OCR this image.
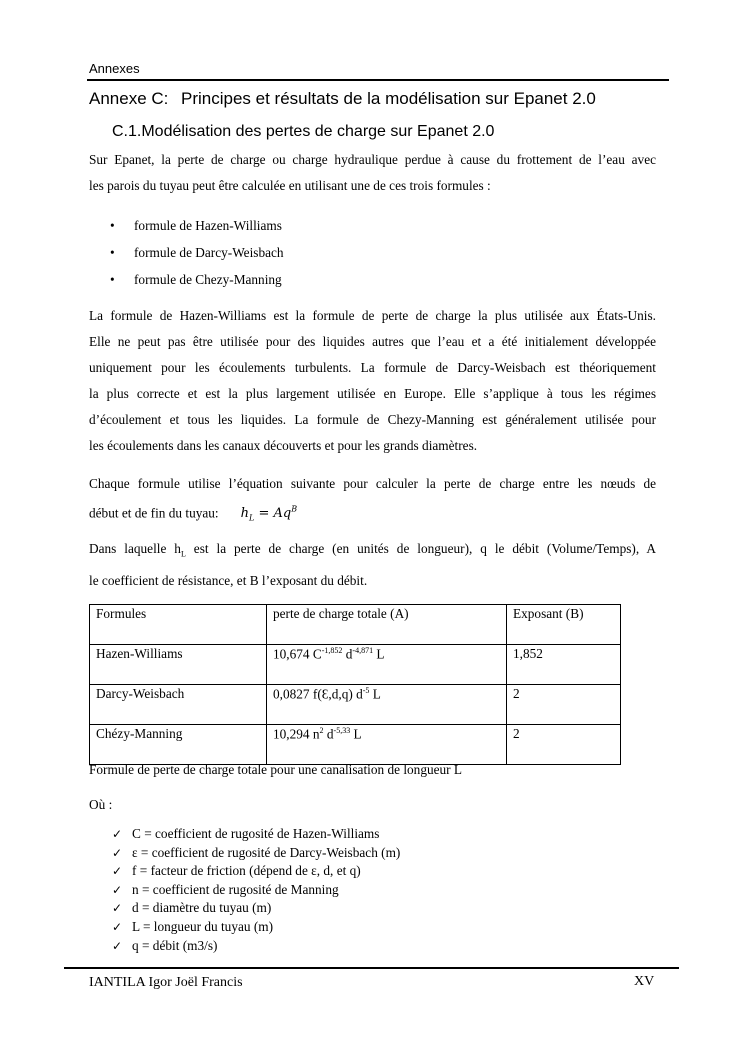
Annexes
Annexe C: Principes et résultats de la modélisation sur Epanet 2.0
C.1.Modélisation des pertes de charge sur Epanet 2.0
Sur Epanet, la perte de charge ou charge hydraulique perdue à cause du frottement de l’eau avec
les parois du tuyau peut être calculée en utilisant une de ces trois formules :
• formule de Hazen-Williams
• formule de Darcy-Weisbach
• formule de Chezy-Manning
La formule de Hazen-Williams est la formule de perte de charge la plus utilisée aux États-Unis.
Elle ne peut pas être utilisée pour des liquides autres que l’eau et a été initialement développée
uniquement pour les écoulements turbulents. La formule de Darcy-Weisbach est théoriquement
la plus correcte et est la plus largement utilisée en Europe. Elle s’applique à tous les régimes
d’écoulement et tous les liquides. La formule de Chezy-Manning est généralement utilisée pour
les écoulements dans les canaux découverts et pour les grands diamètres.
Chaque formule utilise l’équation suivante pour calculer la perte de charge entre les nœuds de
début et de fin du tuyau: $h_L = Aq^B$
Dans laquelle $h_L$ est la perte de charge (en unités de longueur), q le débit (Volume/Temps), A
le coefficient de résistance, et B l’exposant du débit.
Formules	perte de charge totale (A)	Exposant (B)
Hazen-Williams	10,674 $C^{-1,852}$ $d^{-4,871}$ L	1,852
Darcy-Weisbach	0,0827 f(Ɛ,d,q) $d^{-5}$ L	2
Chézy-Manning	10,294 $n^2$ $d^{-5,33}$ L	2
Formule de perte de charge totale pour une canalisation de longueur L
Où :
✓ C = coefficient de rugosité de Hazen-Williams
✓ ε = coefficient de rugosité de Darcy-Weisbach (m)
✓ f = facteur de friction (dépend de ε, d, et q)
✓ n = coefficient de rugosité de Manning
✓ d = diamètre du tuyau (m)
✓ L = longueur du tuyau (m)
✓ q = débit (m3/s)
IANTILA Igor Joël Francis	XV
